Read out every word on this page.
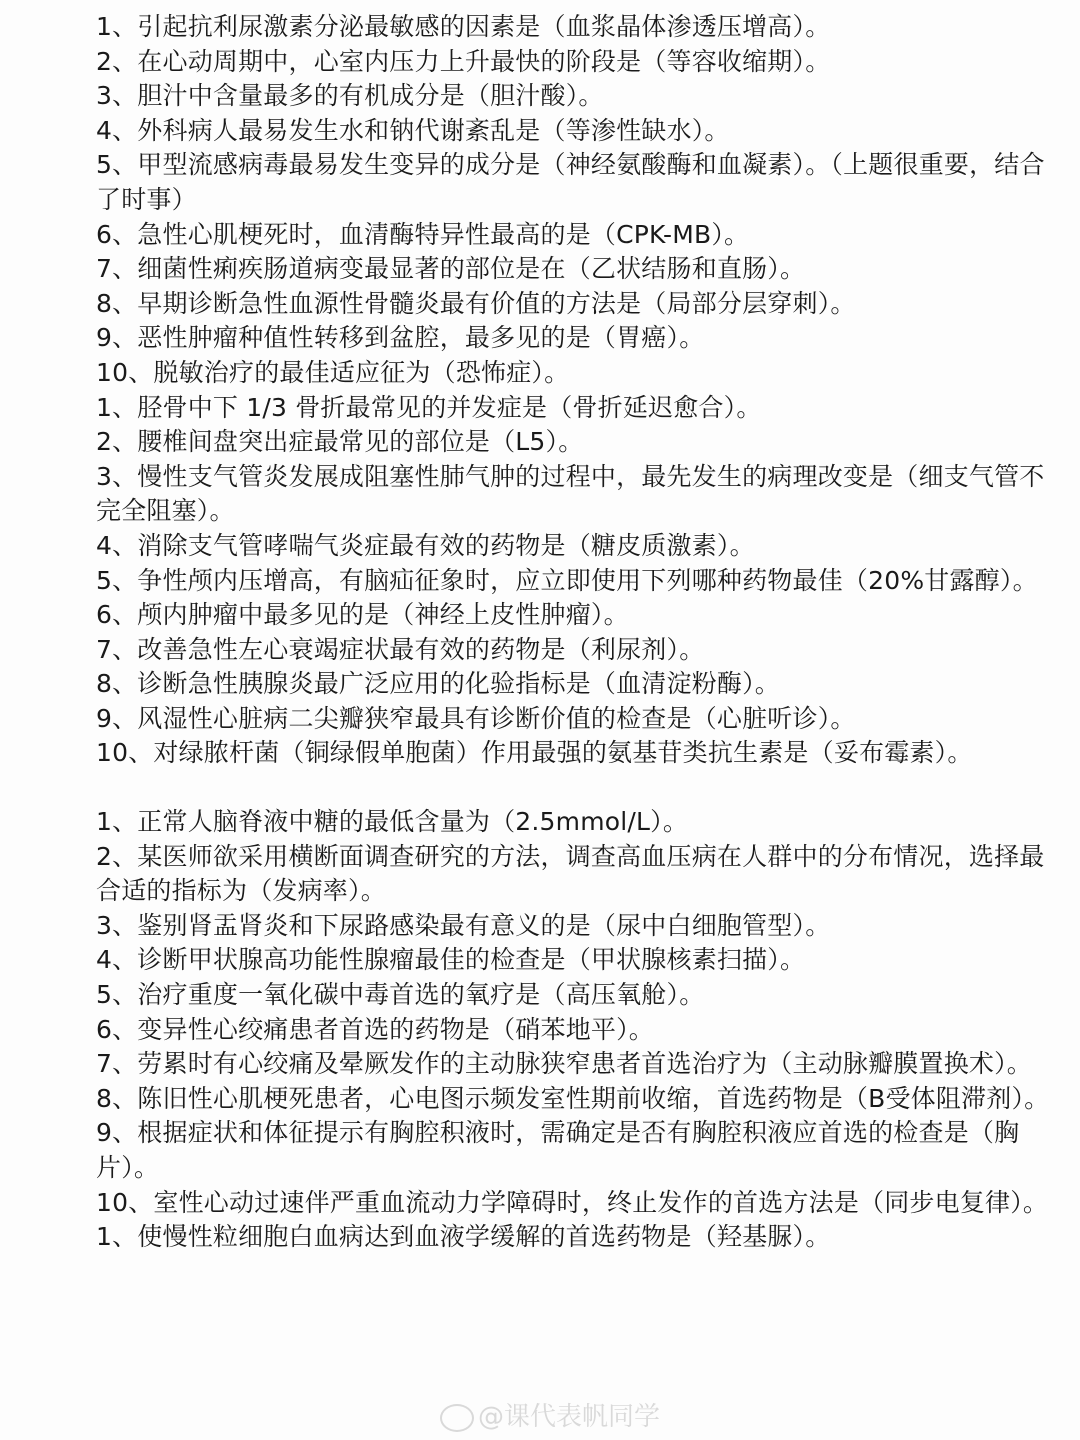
1、引起抗利尿激素分泌最敏感的因素是（血浆晶体渗透压增高）。

2、在心动周期中，心室内压力上升最快的阶段是（等容收缩期）。

3、胆汁中含量最多的有机成分是（胆汁酸）。

4、外科病人最易发生水和钠代谢紊乱是（等渗性缺水）。

5、甲型流感病毒最易发生变异的成分是（神经氨酸酶和血凝素）。（上题很重要，结合了时事）

6、急性心肌梗死时，血清酶特异性最高的是（CPK-MB）。

7、细菌性痢疾肠道病变最显著的部位是在（乙状结肠和直肠）。

8、早期诊断急性血源性骨髓炎最有价值的方法是（局部分层穿刺）。

9、恶性肿瘤种值性转移到盆腔，最多见的是（胃癌）。

10、脱敏治疗的最佳适应征为（恐怖症）。

1、胫骨中下 1/3 骨折最常见的并发症是（骨折延迟愈合）。

2、腰椎间盘突出症最常见的部位是（L5）。

3、慢性支气管炎发展成阻塞性肺气肿的过程中，最先发生的病理改变是（细支气管不完全阻塞）。

4、消除支气管哮喘气炎症最有效的药物是（糖皮质激素）。

5、争性颅内压增高，有脑疝征象时，应立即使用下列哪种药物最佳（20%甘露醇）。

6、颅内肿瘤中最多见的是（神经上皮性肿瘤）。

7、改善急性左心衰竭症状最有效的药物是（利尿剂）。

8、诊断急性胰腺炎最广泛应用的化验指标是（血清淀粉酶）。

9、风湿性心脏病二尖瓣狭窄最具有诊断价值的检查是（心脏听诊）。

10、对绿脓杆菌（铜绿假单胞菌）作用最强的氨基苷类抗生素是（妥布霉素）。

1、正常人脑脊液中糖的最低含量为（2.5mmol/L）。

2、某医师欲采用横断面调查研究的方法，调查高血压病在人群中的分布情况，选择最合适的指标为（发病率）。

3、鉴别肾盂肾炎和下尿路感染最有意义的是（尿中白细胞管型）。

4、诊断甲状腺高功能性腺瘤最佳的检查是（甲状腺核素扫描）。

5、治疗重度一氧化碳中毒首选的氧疗是（高压氧舱）。

6、变异性心绞痛患者首选的药物是（硝苯地平）。

7、劳累时有心绞痛及晕厥发作的主动脉狭窄患者首选治疗为（主动脉瓣膜置换术）。

8、陈旧性心肌梗死患者，心电图示频发室性期前收缩，首选药物是（B受体阻滞剂）。

9、根据症状和体征提示有胸腔积液时，需确定是否有胸腔积液应首选的检查是（胸片）。

10、室性心动过速伴严重血流动力学障碍时，终止发作的首选方法是（同步电复律）。

1、使慢性粒细胞白血病达到血液学缓解的首选药物是（羟基脲）。

@课代表帆同学
